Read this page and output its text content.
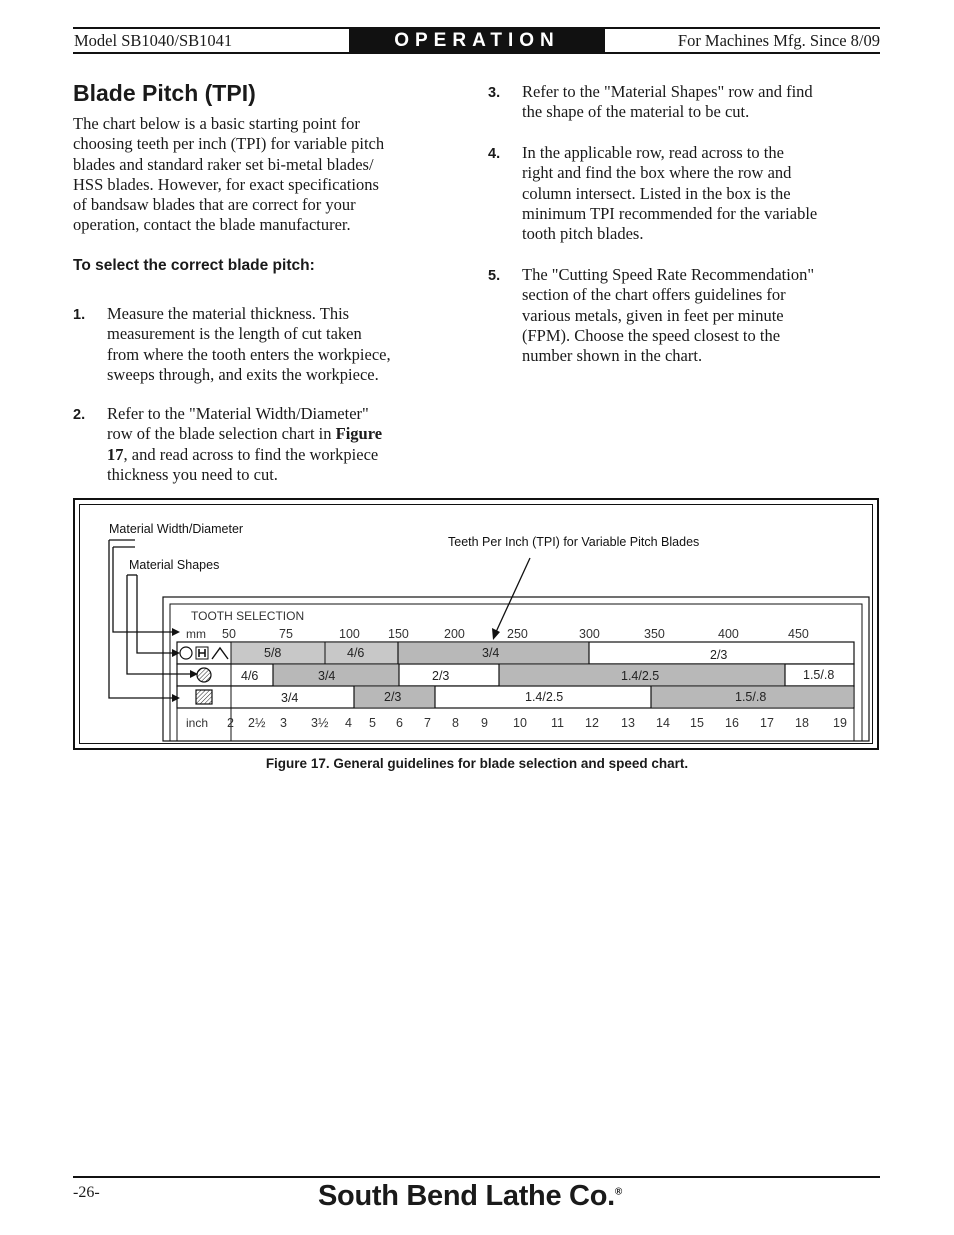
Model SB1040/SB1041	OPERATION	For Machines Mfg. Since 8/09
Blade Pitch (TPI)
The chart below is a basic starting point for
choosing teeth per inch (TPI) for variable pitch
blades and standard raker set bi-metal blades/
HSS blades. However, for exact specifications
of bandsaw blades that are correct for your
operation, contact the blade manufacturer.
To select the correct blade pitch:
1. Measure the material thickness. This
measurement is the length of cut taken
from where the tooth enters the workpiece,
sweeps through, and exits the workpiece.
2. Refer to the "Material Width/Diameter"
row of the blade selection chart in Figure
17, and read across to find the workpiece
thickness you need to cut.
3. Refer to the "Material Shapes" row and find
the shape of the material to be cut.
4. In the applicable row, read across to the
right and find the box where the row and
column intersect. Listed in the box is the
minimum TPI recommended for the variable
tooth pitch blades.
5. The "Cutting Speed Rate Recommendation"
section of the chart offers guidelines for
various metals, given in feet per minute
(FPM). Choose the speed closest to the
number shown in the chart.
Material Width/Diameter
Material Shapes
Teeth Per Inch (TPI) for Variable Pitch Blades
TOOTH SELECTION
mm 50	75	100 150	200	250	300	350	400	450
5/8	4/6	3/4	2/3
4/6	3/4	2/3	1.4/2.5	1.5/.8
3/4	2/3	1.4/2.5	1.5/.8
inch 2 2½ 3 3½ 4 5 6 7 8 9 10 11 12 13 14 15 16 17 18 19
Figure 17. General guidelines for blade selection and speed chart.
-26-	South Bend Lathe Co.®
